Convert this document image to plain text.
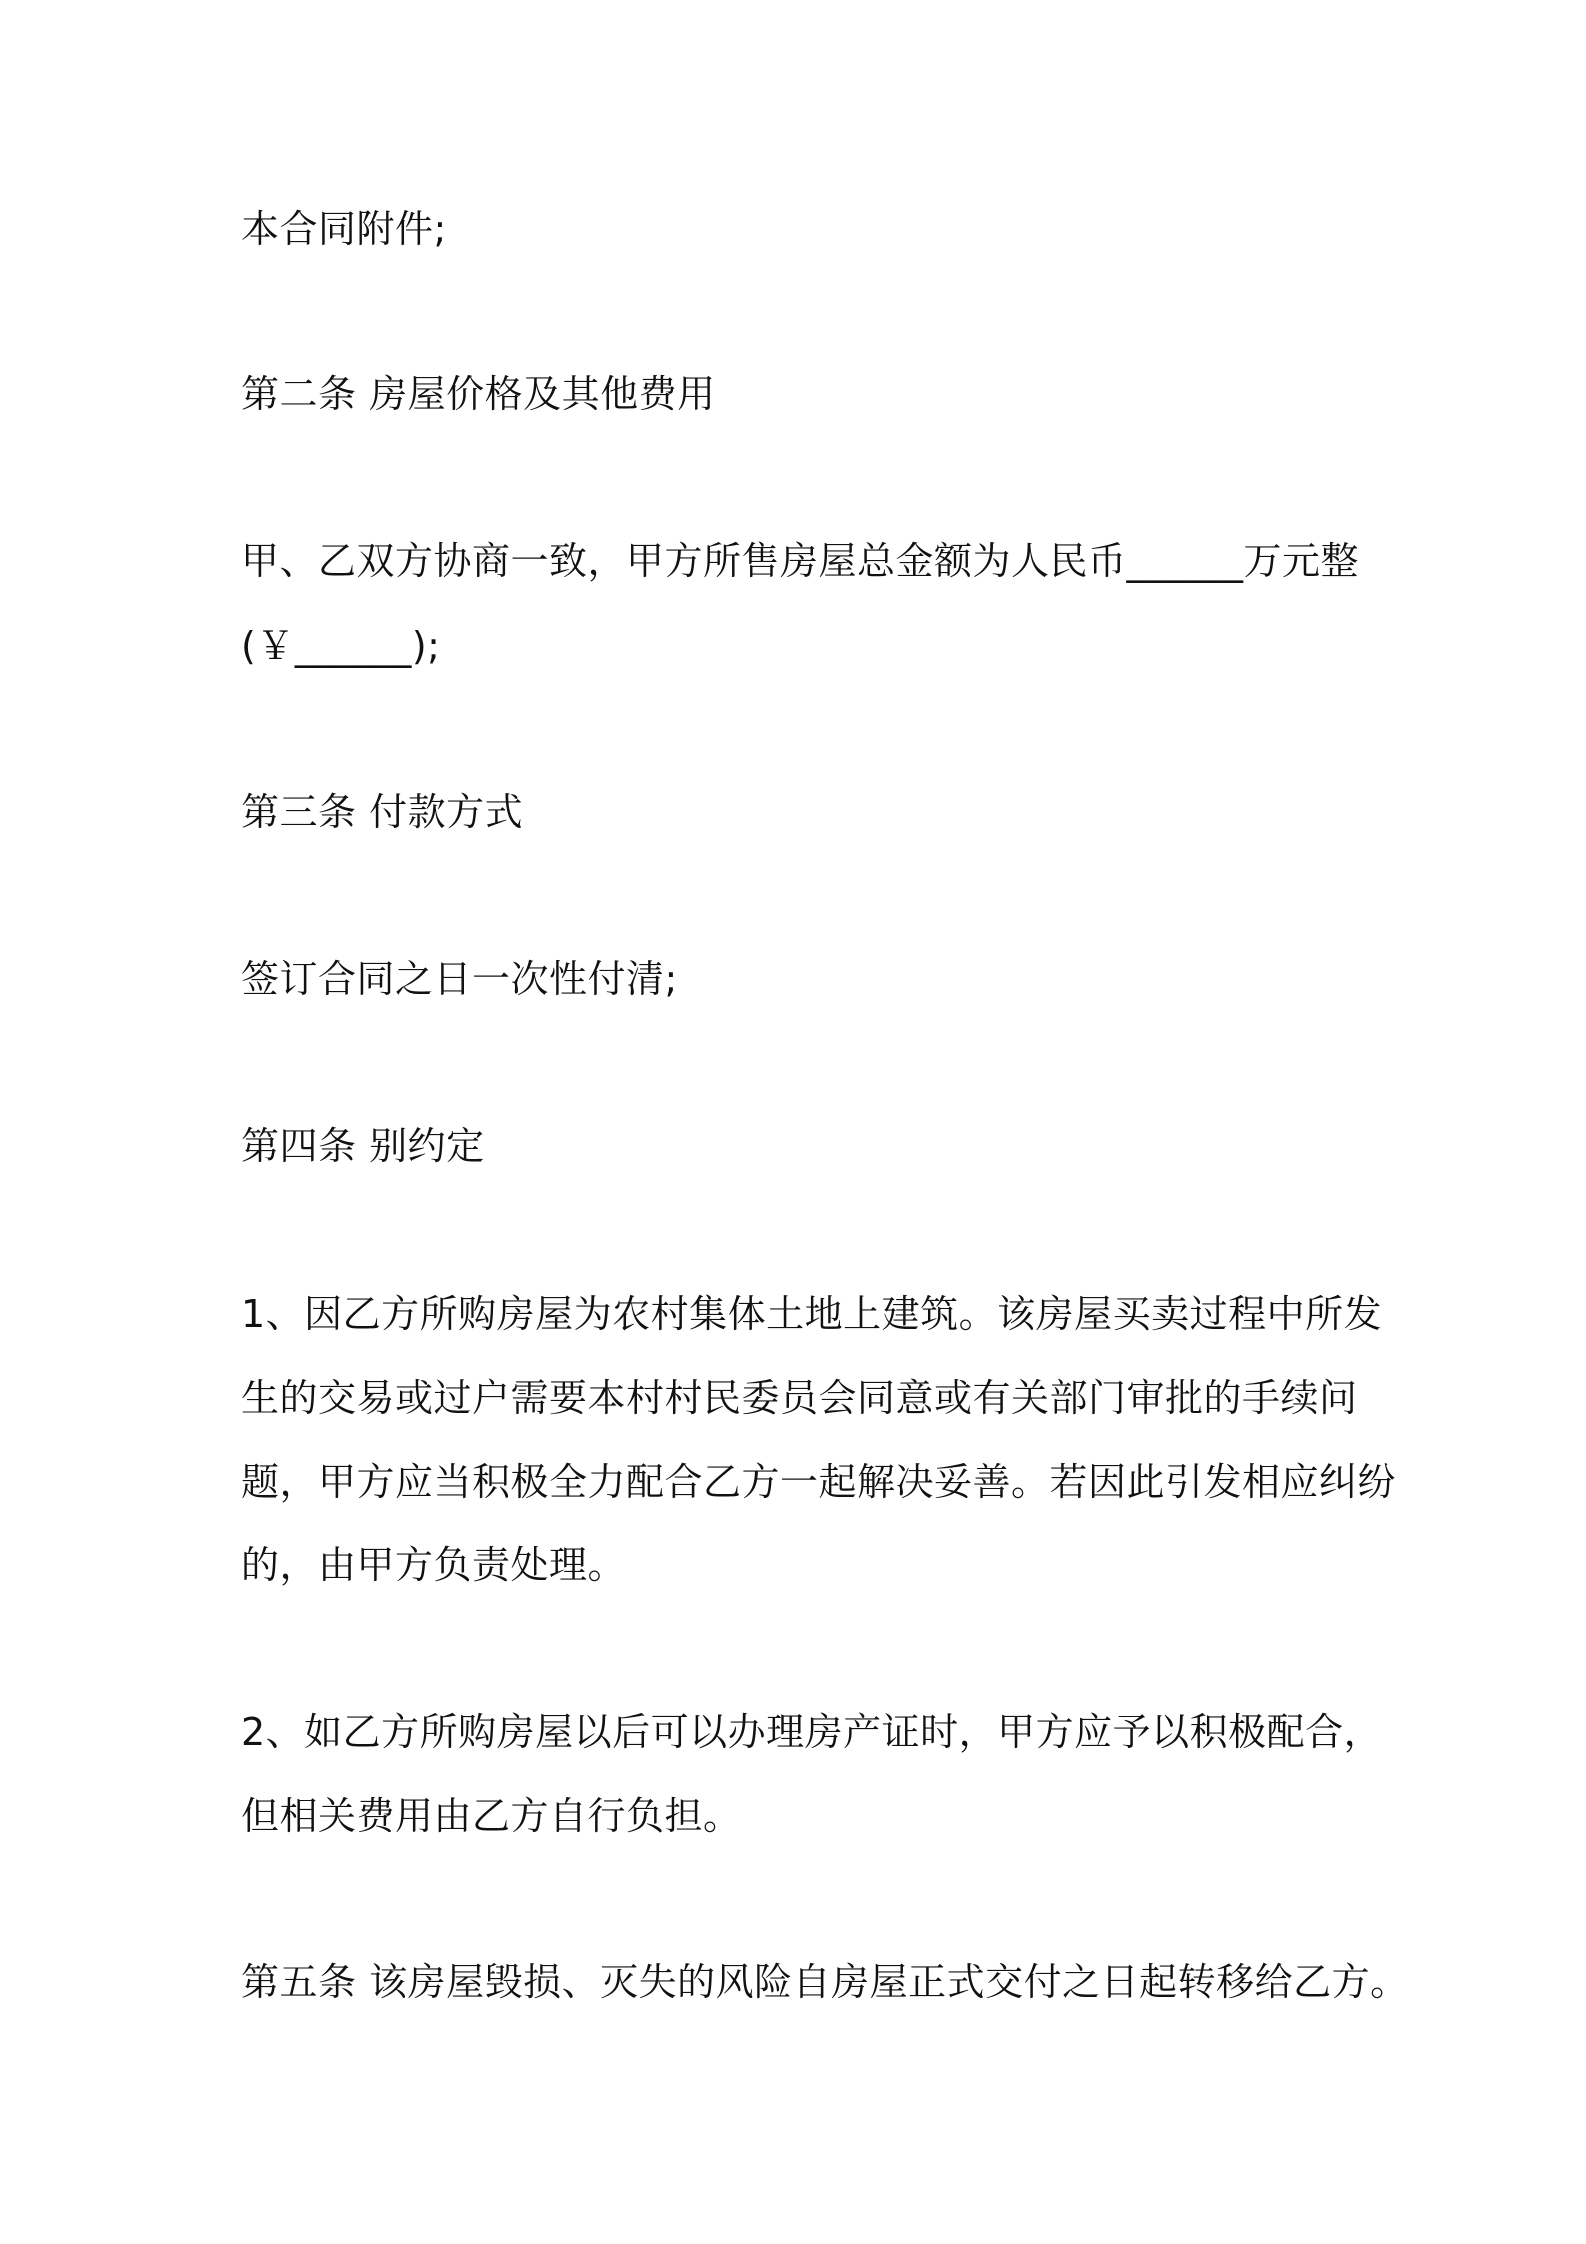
本合同附件;
第二条 房屋价格及其他费用
甲、乙双方协商一致，甲方所售房屋总金额为人民币______万元整
(￥______);
第三条 付款方式
签订合同之日一次性付清;
第四条 别约定
1、因乙方所购房屋为农村集体土地上建筑。该房屋买卖过程中所发
生的交易或过户需要本村村民委员会同意或有关部门审批的手续问
题，甲方应当积极全力配合乙方一起解决妥善。若因此引发相应纠纷
的，由甲方负责处理。
2、如乙方所购房屋以后可以办理房产证时，甲方应予以积极配合，
但相关费用由乙方自行负担。
第五条 该房屋毁损、灭失的风险自房屋正式交付之日起转移给乙方。
